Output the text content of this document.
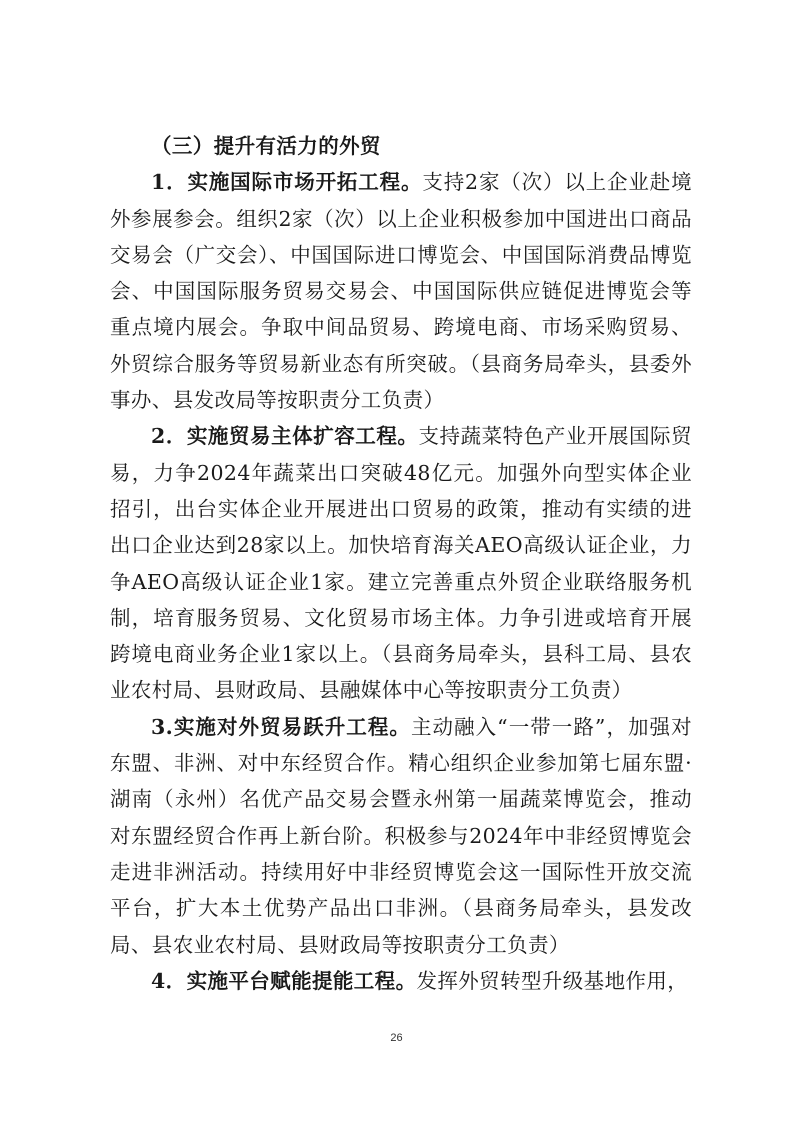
（三）提升有活力的外贸

1．实施国际市场开拓工程。支持2家（次）以上企业赴境外参展参会。组织2家（次）以上企业积极参加中国进出口商品交易会（广交会）、中国国际进口博览会、中国国际消费品博览会、中国国际服务贸易交易会、中国国际供应链促进博览会等重点境内展会。争取中间品贸易、跨境电商、市场采购贸易、外贸综合服务等贸易新业态有所突破。（县商务局牵头，县委外事办、县发改局等按职责分工负责）

2．实施贸易主体扩容工程。支持蔬菜特色产业开展国际贸易，力争2024年蔬菜出口突破48亿元。加强外向型实体企业招引，出台实体企业开展进出口贸易的政策，推动有实绩的进出口企业达到28家以上。加快培育海关AEO高级认证企业，力争AEO高级认证企业1家。建立完善重点外贸企业联络服务机制，培育服务贸易、文化贸易市场主体。力争引进或培育开展跨境电商业务企业1家以上。（县商务局牵头，县科工局、县农业农村局、县财政局、县融媒体中心等按职责分工负责）

3.实施对外贸易跃升工程。主动融入“一带一路”，加强对东盟、非洲、对中东经贸合作。精心组织企业参加第七届东盟·湖南（永州）名优产品交易会暨永州第一届蔬菜博览会，推动对东盟经贸合作再上新台阶。积极参与2024年中非经贸博览会走进非洲活动。持续用好中非经贸博览会这一国际性开放交流平台，扩大本土优势产品出口非洲。（县商务局牵头，县发改局、县农业农村局、县财政局等按职责分工负责）

4．实施平台赋能提能工程。发挥外贸转型升级基地作用，

26
